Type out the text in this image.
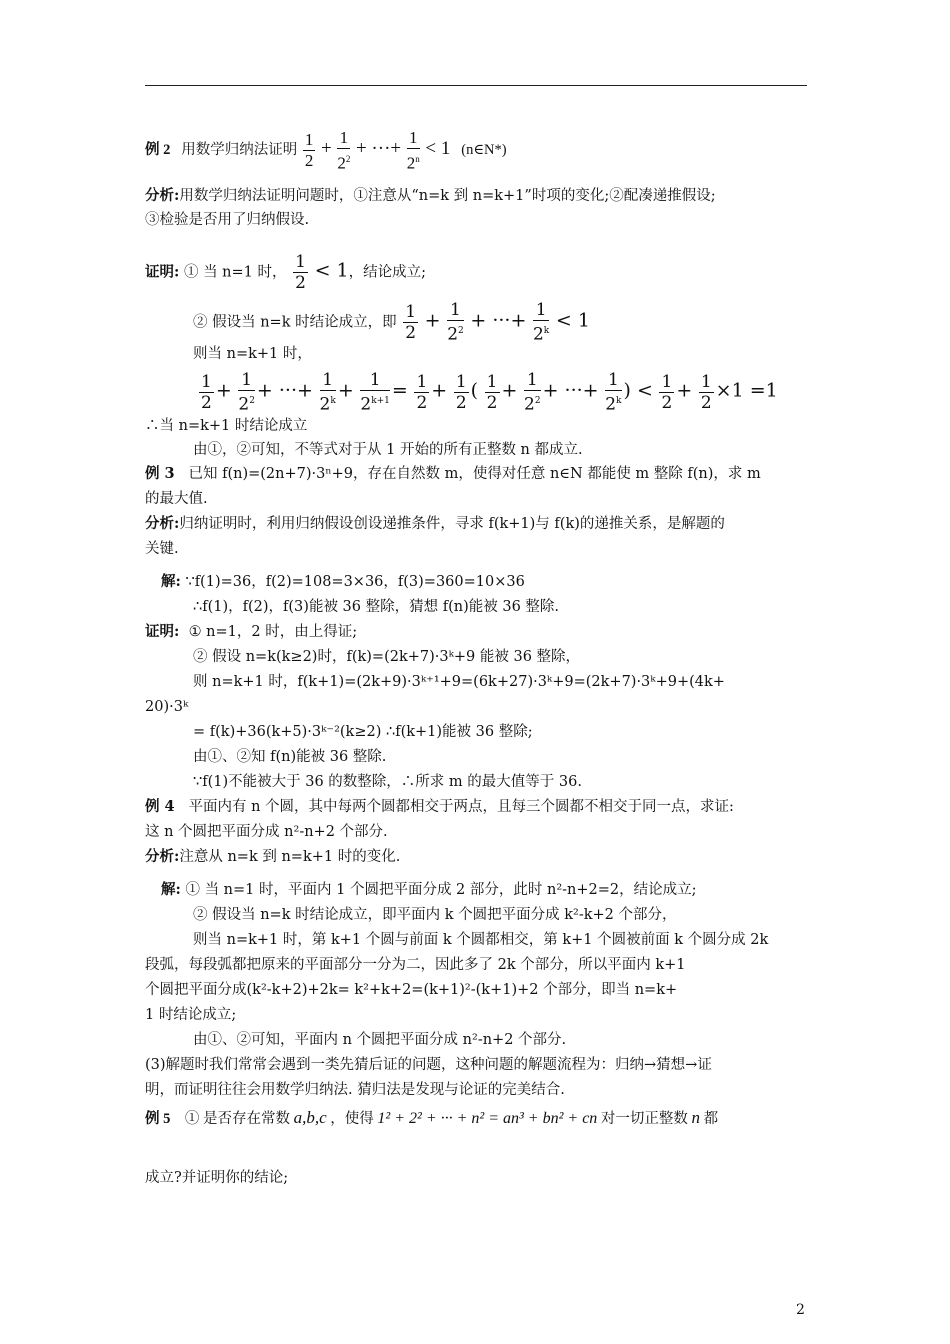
例 2 用数学归纳法证明 $\frac{1}{2} + \frac{1}{2^2}$ + ···+ $\frac{1}{2^n} < 1$ (n∈N*)
分析:用数学归纳法证明问题时，①注意从“n=k 到 n=k+1”时项的变化;②配凑递推假设;
③检验是否用了归纳假设.
证明: ① 当 n=1 时， $\frac{1}{2} < 1$，结论成立;
② 假设当 n=k 时结论成立，即 $\frac{1}{2} + \frac{1}{2^2}$ + ···+ $\frac{1}{2^k} < 1$
则当 n=k+1 时，
$\frac{1}{2} + \frac{1}{2^2}$ + ···+ $\frac{1}{2^k} + \frac{1}{2^{k+1}} = \frac{1}{2} + \frac{1}{2}$ ( $\frac{1}{2} + \frac{1}{2^2}$ + ···+ $\frac{1}{2^k}$ ) < $\frac{1}{2} + \frac{1}{2} \times 1 =1$
∴当 n=k+1 时结论成立
由①，②可知，不等式对于从 1 开始的所有正整数 n 都成立.
例 3 已知 f(n)=(2n+7)·3ⁿ+9，存在自然数 m，使得对任意 n∈N 都能使 m 整除 f(n)，求 m
的最大值.
分析:归纳证明时，利用归纳假设创设递推条件，寻求 f(k+1)与 f(k)的递推关系，是解题的
关键.
解: ∵f(1)=36，f(2)=108=3×36，f(3)=360=10×36
∴f(1)，f(2)，f(3)能被 36 整除，猜想 f(n)能被 36 整除.
证明: ① n=1，2 时，由上得证;
② 假设 n=k(k≥2)时，f(k)=(2k+7)·3ᵏ+9 能被 36 整除，
则 n=k+1 时，f(k+1)=(2k+9)·3ᵏ⁺¹+9=(6k+27)·3ᵏ+9=(2k+7)·3ᵏ+9+(4k+
20)·3ᵏ
= f(k)+36(k+5)·3ᵏ⁻²(k≥2) ∴f(k+1)能被 36 整除;
由①、②知 f(n)能被 36 整除.
∵f(1)不能被大于 36 的数整除，∴所求 m 的最大值等于 36.
例 4 平面内有 n 个圆，其中每两个圆都相交于两点，且每三个圆都不相交于同一点，求证:
这 n 个圆把平面分成 n²-n+2 个部分.
分析:注意从 n=k 到 n=k+1 时的变化.
解: ① 当 n=1 时，平面内 1 个圆把平面分成 2 部分，此时 n²-n+2=2，结论成立;
② 假设当 n=k 时结论成立，即平面内 k 个圆把平面分成 k²-k+2 个部分，
则当 n=k+1 时，第 k+1 个圆与前面 k 个圆都相交，第 k+1 个圆被前面 k 个圆分成 2k
段弧，每段弧都把原来的平面部分一分为二，因此多了 2k 个部分，所以平面内 k+1
个圆把平面分成(k²-k+2)+2k= k²+k+2=(k+1)²-(k+1)+2 个部分，即当 n=k+
1 时结论成立;
由①、②可知，平面内 n 个圆把平面分成 n²-n+2 个部分.
(3)解题时我们常常会遇到一类先猜后证的问题，这种问题的解题流程为：归纳→猜想→证
明，而证明往往会用数学归纳法. 猜归法是发现与论证的完美结合.
例 5 ① 是否存在常数 a,b,c ，使得 1² + 2² + ··· + n² = an³ + bn² + cn 对一切正整数 n 都
成立?并证明你的结论;
2
